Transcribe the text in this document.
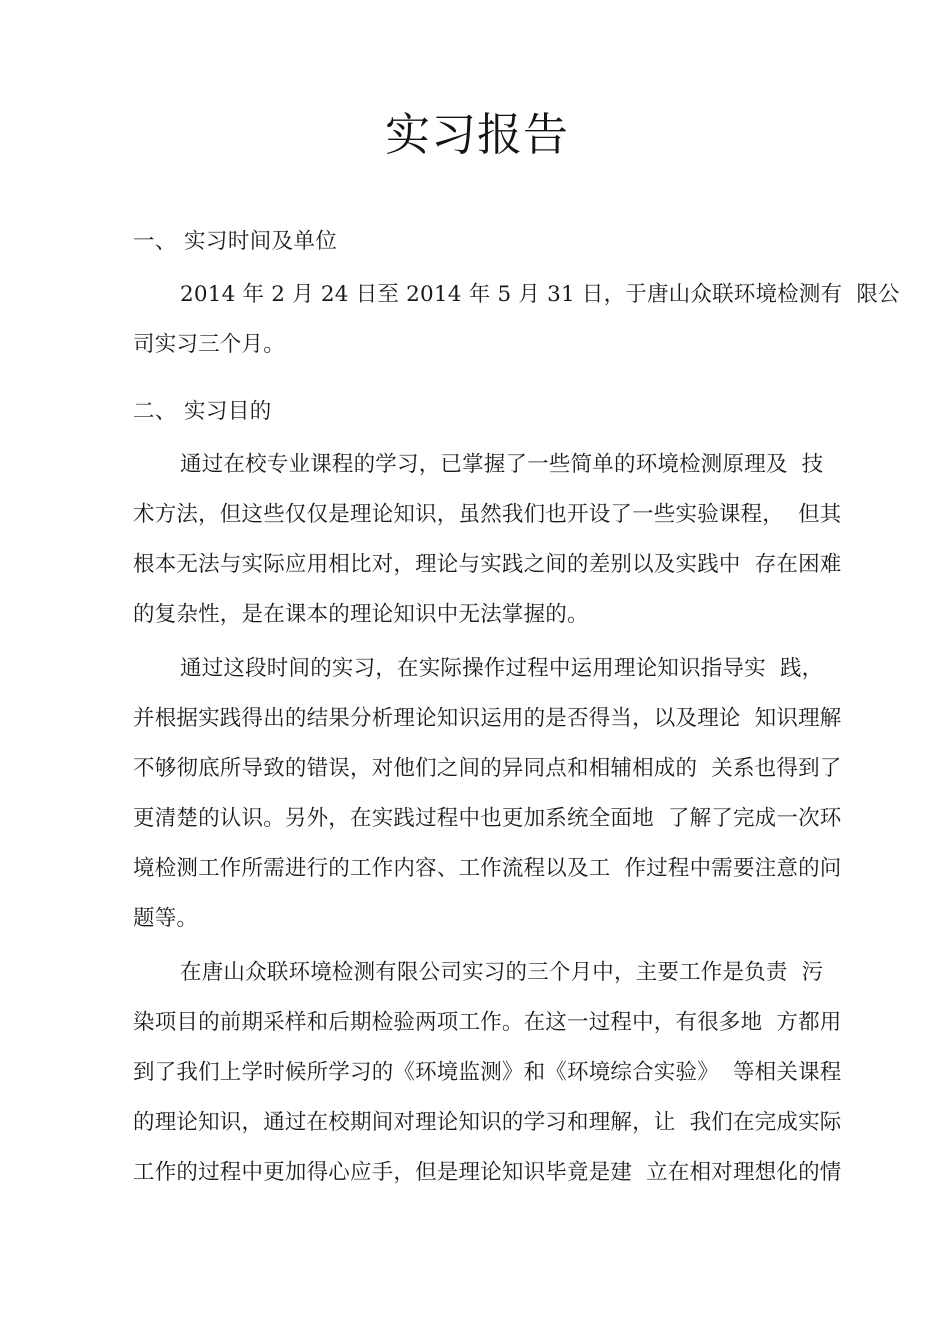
实习报告
一、 实习时间及单位
2014 年 2 月 24 日至 2014 年 5 月 31 日，于唐山众联环境检测有  限公
司实习三个月。
二、 实习目的
通过在校专业课程的学习，已掌握了一些简单的环境检测原理及  技
术方法，但这些仅仅是理论知识，虽然我们也开设了一些实验课程，  但其
根本无法与实际应用相比对，理论与实践之间的差别以及实践中  存在困难
的复杂性，是在课本的理论知识中无法掌握的。
通过这段时间的实习，在实际操作过程中运用理论知识指导实  践，
并根据实践得出的结果分析理论知识运用的是否得当，以及理论  知识理解
不够彻底所导致的错误，对他们之间的异同点和相辅相成的  关系也得到了
更清楚的认识。另外，在实践过程中也更加系统全面地  了解了完成一次环
境检测工作所需进行的工作内容、工作流程以及工  作过程中需要注意的问
题等。
在唐山众联环境检测有限公司实习的三个月中，主要工作是负责  污
染项目的前期采样和后期检验两项工作。在这一过程中，有很多地  方都用
到了我们上学时候所学习的《环境监测》和《环境综合实验》  等相关课程
的理论知识，通过在校期间对理论知识的学习和理解，让  我们在完成实际
工作的过程中更加得心应手，但是理论知识毕竟是建  立在相对理想化的情
